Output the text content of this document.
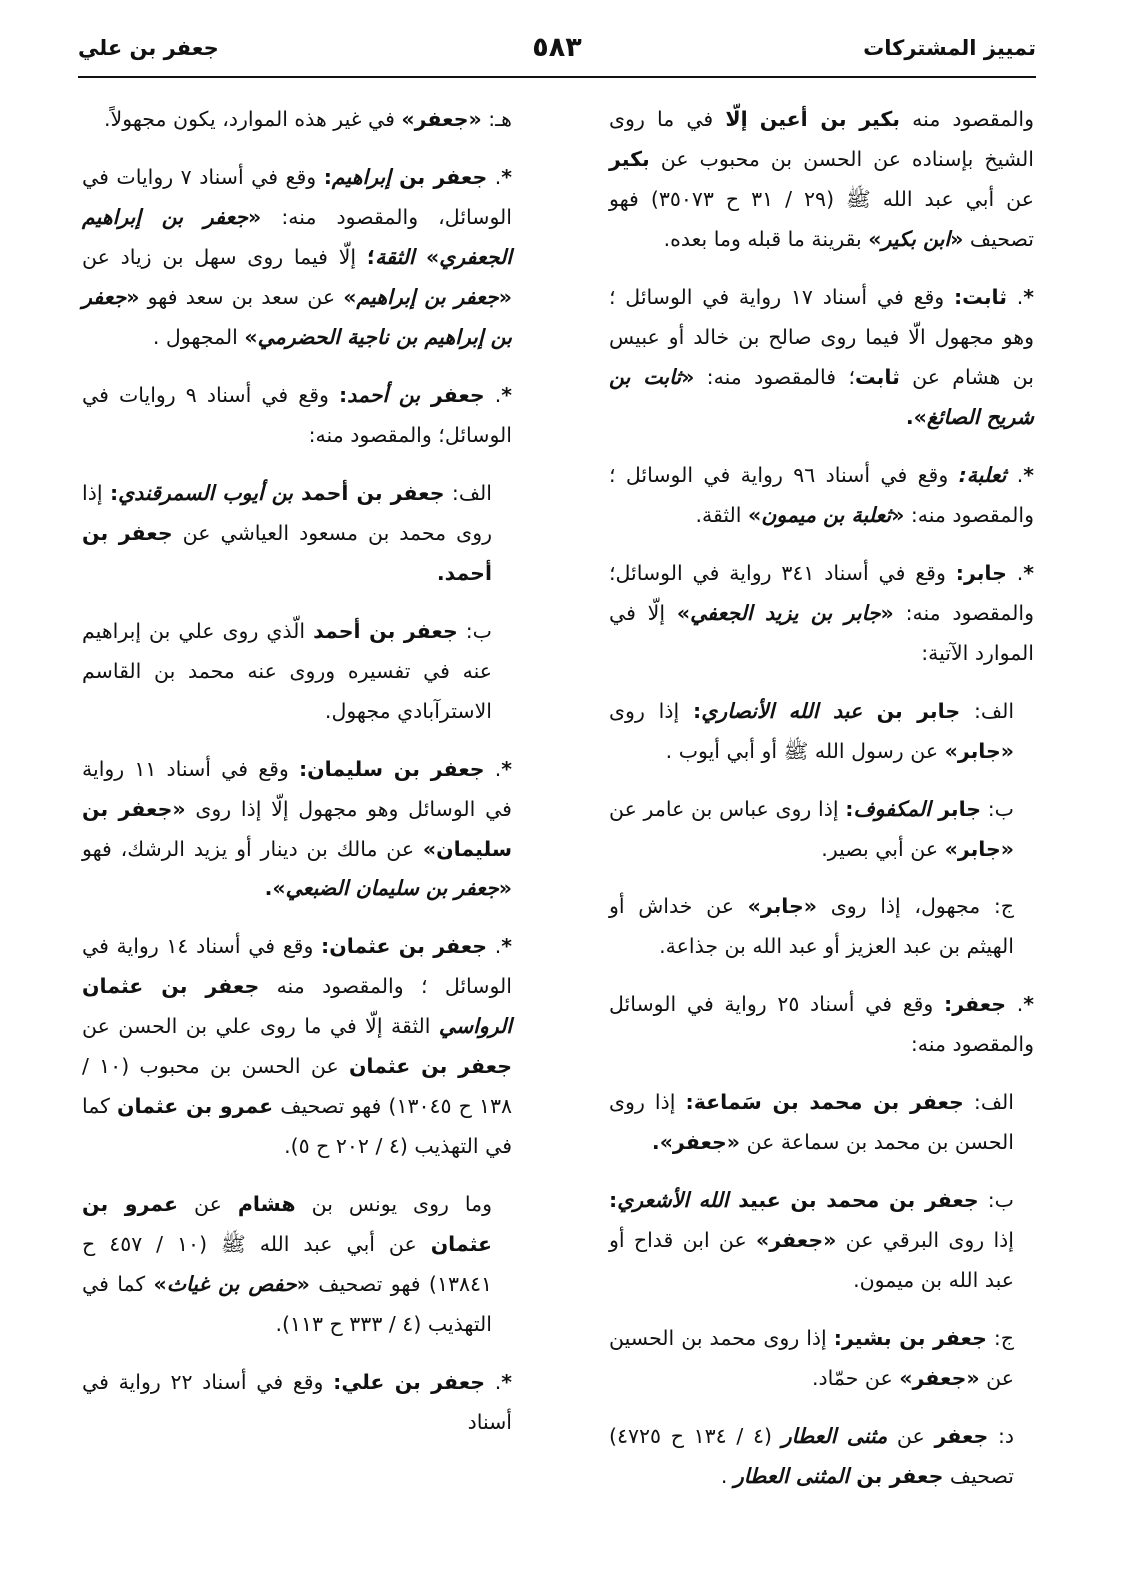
تمييز المشتركات
٥٨٣
جعفر بن علي
والمقصود منه بكير بن أعين إلّا في ما روى الشيخ بإسناده عن الحسن بن محبوب عن بكير عن أبي عبد الله ﷺ (٢٩ / ٣١ ح ٣٥٠٧٣) فهو تصحيف «ابن بكير» بقرينة ما قبله وما بعده.
*. ثابت: وقع في أسناد ١٧ رواية في الوسائل ؛ وهو مجهول الّا فيما روى صالح بن خالد أو عبيس بن هشام عن ثابت؛ فالمقصود منه: «ثابت بن شريح الصائغ».
*. ثعلبة: وقع في أسناد ٩٦ رواية في الوسائل ؛ والمقصود منه: «ثعلبة بن ميمون» الثقة.
*. جابر: وقع في أسناد ٣٤١ رواية في الوسائل؛ والمقصود منه: «جابر بن يزيد الجعفي» إلّا في الموارد الآتية:
الف: جابر بن عبد الله الأنصاري: إذا روى «جابر» عن رسول الله ﷺ أو أبي أيوب .
ب: جابر المكفوف: إذا روى عباس بن عامر عن «جابر» عن أبي بصير.
ج: مجهول، إذا روى «جابر» عن خداش أو الهيثم بن عبد العزيز أو عبد الله بن جذاعة.
*. جعفر: وقع في أسناد ٢٥ رواية في الوسائل والمقصود منه:
الف: جعفر بن محمد بن سَماعة: إذا روى الحسن بن محمد بن سماعة عن «جعفر».
ب: جعفر بن محمد بن عبيد الله الأشعري: إذا روى البرقي عن «جعفر» عن ابن قداح أو عبد الله بن ميمون.
ج: جعفر بن بشير: إذا روى محمد بن الحسين عن «جعفر» عن حمّاد.
د: جعفر عن مثنى العطار (٤ / ١٣٤ ح ٤٧٢٥) تصحيف جعفر بن المثنى العطار .
هـ: «جعفر» في غير هذه الموارد، يكون مجهولاً.
*. جعفر بن إبراهيم: وقع في أسناد ٧ روايات في الوسائل، والمقصود منه: «جعفر بن إبراهيم الجعفري» الثقة؛ إلّا فيما روى سهل بن زياد عن «جعفر بن إبراهيم» عن سعد بن سعد فهو «جعفر بن إبراهيم بن ناجية الحضرمي» المجهول .
*. جعفر بن أحمد: وقع في أسناد ٩ روايات في الوسائل؛ والمقصود منه:
الف: جعفر بن أحمد بن أيوب السمرقندي: إذا روى محمد بن مسعود العياشي عن جعفر بن أحمد.
ب: جعفر بن أحمد الّذي روى علي بن إبراهيم عنه في تفسيره وروى عنه محمد بن القاسم الاسترآبادي مجهول.
*. جعفر بن سليمان: وقع في أسناد ١١ رواية في الوسائل وهو مجهول إلّا إذا روى «جعفر بن سليمان» عن مالك بن دينار أو يزيد الرشك، فهو «جعفر بن سليمان الضبعي».
*. جعفر بن عثمان: وقع في أسناد ١٤ رواية في الوسائل ؛ والمقصود منه جعفر بن عثمان الرواسي الثقة إلّا في ما روى علي بن الحسن عن جعفر بن عثمان عن الحسن بن محبوب (١٠ / ١٣٨ ح ١٣٠٤٥) فهو تصحيف عمرو بن عثمان كما في التهذيب (٤ / ٢٠٢ ح ٥).
وما روى يونس بن هشام عن عمرو بن عثمان عن أبي عبد الله ﷺ (١٠ / ٤٥٧ ح ١٣٨٤١) فهو تصحيف «حفص بن غياث» كما في التهذيب (٤ / ٣٣٣ ح ١١٣).
*. جعفر بن علي: وقع في أسناد ٢٢ رواية في أسناد
